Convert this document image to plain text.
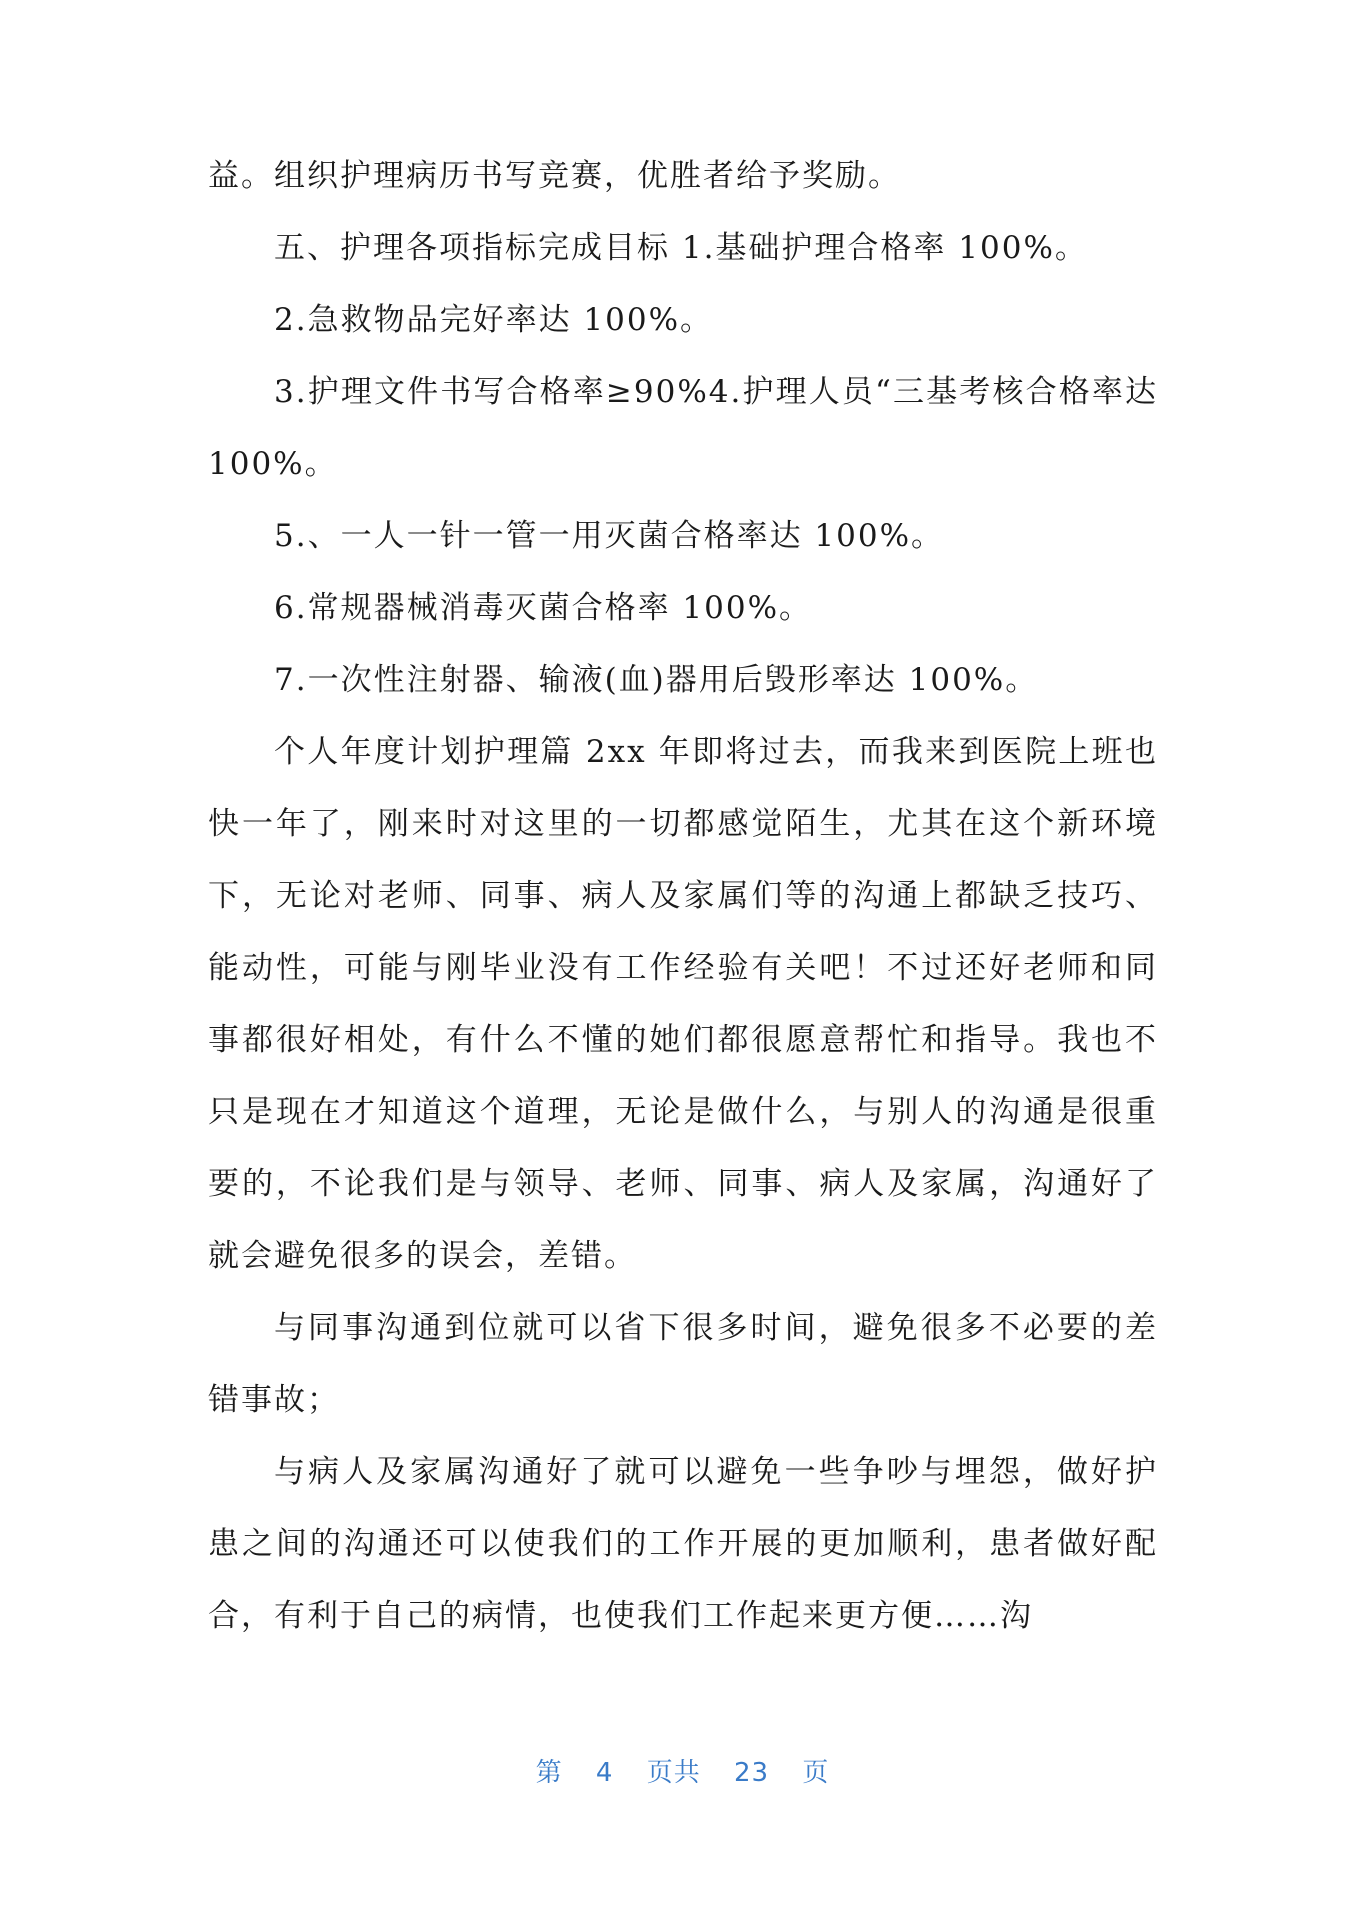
益。组织护理病历书写竞赛，优胜者给予奖励。

五、护理各项指标完成目标 1.基础护理合格率 100%。

2.急救物品完好率达 100%。

3.护理文件书写合格率≥90%4.护理人员“三基考核合格率达 100%。

5.、一人一针一管一用灭菌合格率达 100%。

6.常规器械消毒灭菌合格率 100%。

7.一次性注射器、输液(血)器用后毁形率达 100%。

个人年度计划护理篇 2xx 年即将过去，而我来到医院上班也快一年了，刚来时对这里的一切都感觉陌生，尤其在这个新环境下，无论对老师、同事、病人及家属们等的沟通上都缺乏技巧、能动性，可能与刚毕业没有工作经验有关吧！不过还好老师和同事都很好相处，有什么不懂的她们都很愿意帮忙和指导。我也不只是现在才知道这个道理，无论是做什么，与别人的沟通是很重要的，不论我们是与领导、老师、同事、病人及家属，沟通好了就会避免很多的误会，差错。

与同事沟通到位就可以省下很多时间，避免很多不必要的差错事故；

与病人及家属沟通好了就可以避免一些争吵与埋怨，做好护患之间的沟通还可以使我们的工作开展的更加顺利，患者做好配合，有利于自己的病情，也使我们工作起来更方便……沟

第 4 页共 23 页
